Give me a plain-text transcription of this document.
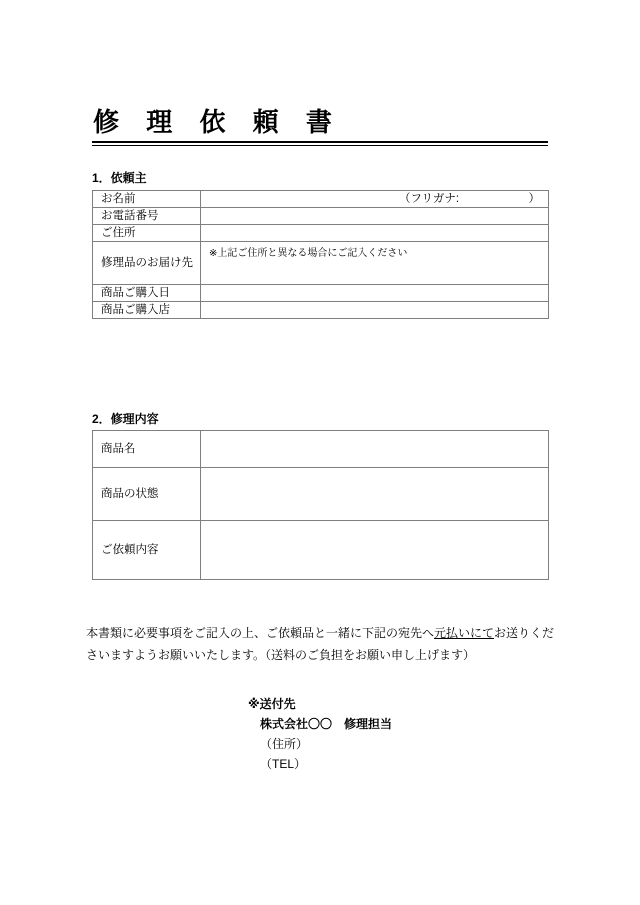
修 理 依 頼 書
1．依頼主
お名前	（フリガナ: ）

お電話番号	
ご住所	
修理品のお届け先	※上記ご住所と異なる場合にご記入ください

商品ご購入日	
商品ご購入店	
2．修理内容
商品名	
商品の状態	
ご依頼内容	
本書類に必要事項をご記入の上、ご依頼品と一緒に下記の宛先へ元払いにてお送りくださいますようお願いいたします。（送料のご負担をお願い申し上げます）
※送付先
株式会社〇〇　修理担当
（住所）
（TEL）
